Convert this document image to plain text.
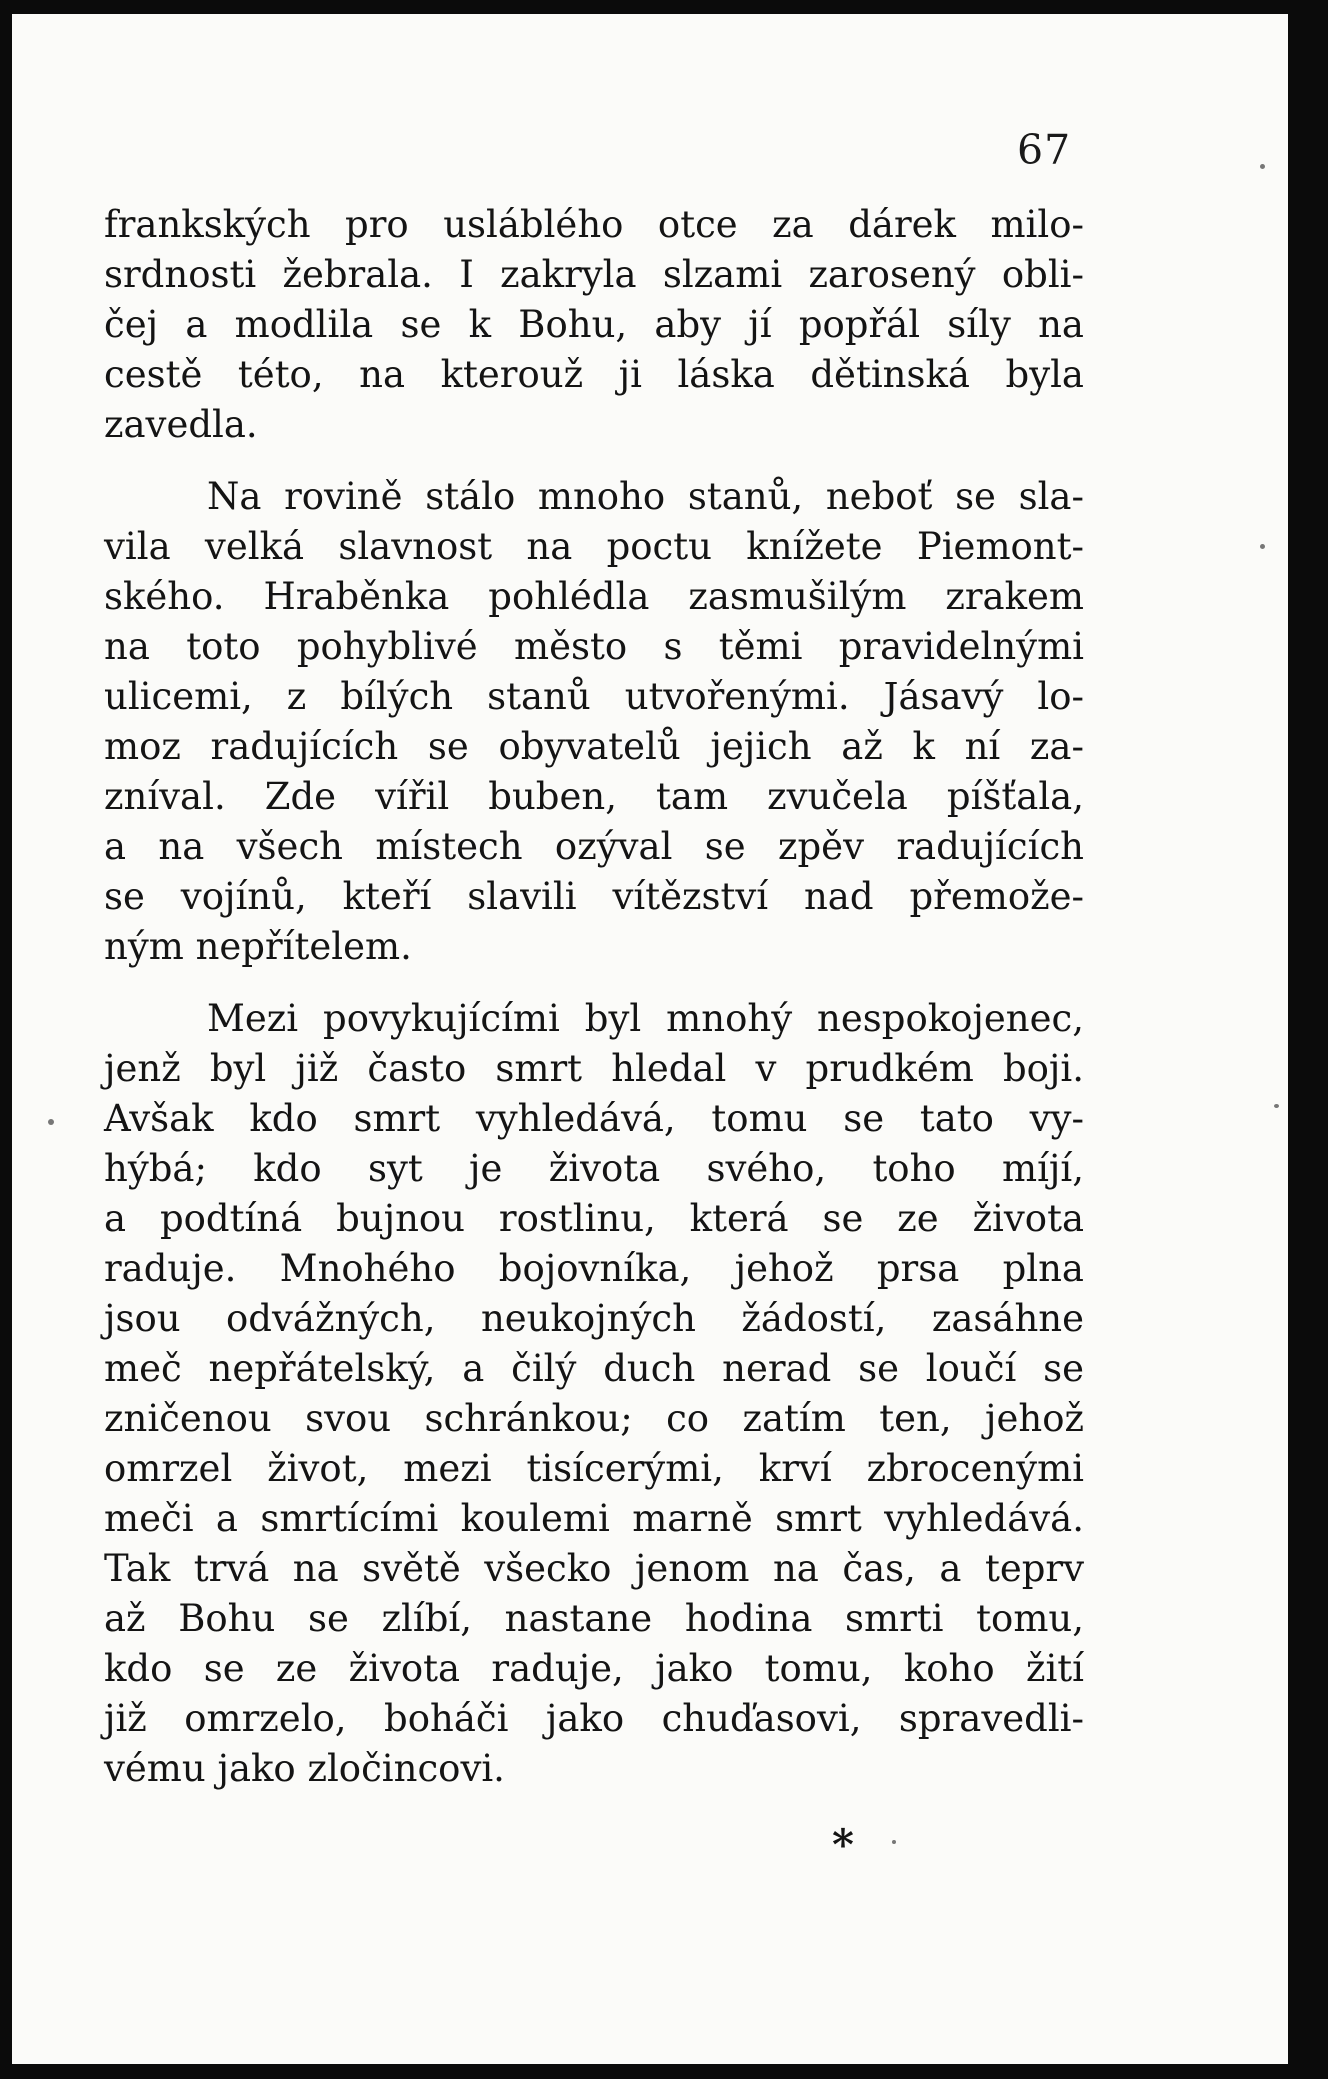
67
frankských pro usláblého otce za dárek milo-
srdnosti žebrala. I zakryla slzami zarosený obli-
čej a modlila se k Bohu, aby jí popřál síly na
cestě této, na kterouž ji láska dětinská byla
zavedla.
Na rovině stálo mnoho stanů, neboť se sla-
vila velká slavnost na poctu knížete Piemont-
ského. Hraběnka pohlédla zasmušilým zrakem
na toto pohyblivé město s těmi pravidelnými
ulicemi, z bílých stanů utvořenými. Jásavý lo-
moz radujících se obyvatelů jejich až k ní za-
zníval. Zde vířil buben, tam zvučela píšťala,
a na všech místech ozýval se zpěv radujících
se vojínů, kteří slavili vítězství nad přemože-
ným nepřítelem.
Mezi povykujícími byl mnohý nespokojenec,
jenž byl již často smrt hledal v prudkém boji.
Avšak kdo smrt vyhledává, tomu se tato vy-
hýbá; kdo syt je života svého, toho míjí,
a podtíná bujnou rostlinu, která se ze života
raduje. Mnohého bojovníka, jehož prsa plna
jsou odvážných, neukojných žádostí, zasáhne
meč nepřátelský, a čilý duch nerad se loučí se
zničenou svou schránkou; co zatím ten, jehož
omrzel život, mezi tisícerými, krví zbrocenými
meči a smrtícími koulemi marně smrt vyhledává.
Tak trvá na světě všecko jenom na čas, a teprv
až Bohu se zlíbí, nastane hodina smrti tomu,
kdo se ze života raduje, jako tomu, koho žití
již omrzelo, boháči jako chuďasovi, spravedli-
vému jako zločincovi.
*
